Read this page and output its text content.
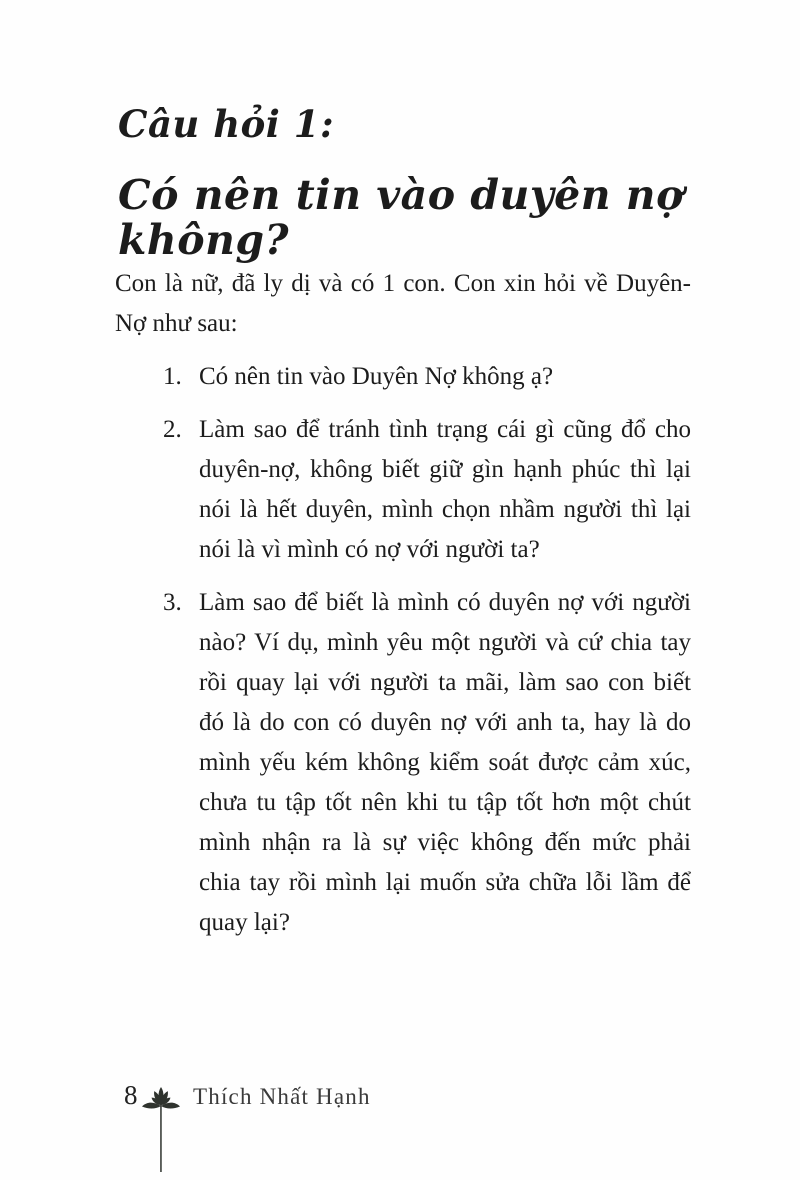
Câu hỏi 1:
Có nên tin vào duyên nợ không?

Con là nữ, đã ly dị và có 1 con. Con xin hỏi về Duyên-Nợ như sau:

1. Có nên tin vào Duyên Nợ không ạ?
2. Làm sao để tránh tình trạng cái gì cũng đổ cho duyên-nợ, không biết giữ gìn hạnh phúc thì lại nói là hết duyên, mình chọn nhầm người thì lại nói là vì mình có nợ với người ta?
3. Làm sao để biết là mình có duyên nợ với người nào? Ví dụ, mình yêu một người và cứ chia tay rồi quay lại với người ta mãi, làm sao con biết đó là do con có duyên nợ với anh ta, hay là do mình yếu kém không kiểm soát được cảm xúc, chưa tu tập tốt nên khi tu tập tốt hơn một chút mình nhận ra là sự việc không đến mức phải chia tay rồi mình lại muốn sửa chữa lỗi lầm để quay lại?
8 Thích Nhất Hạnh
